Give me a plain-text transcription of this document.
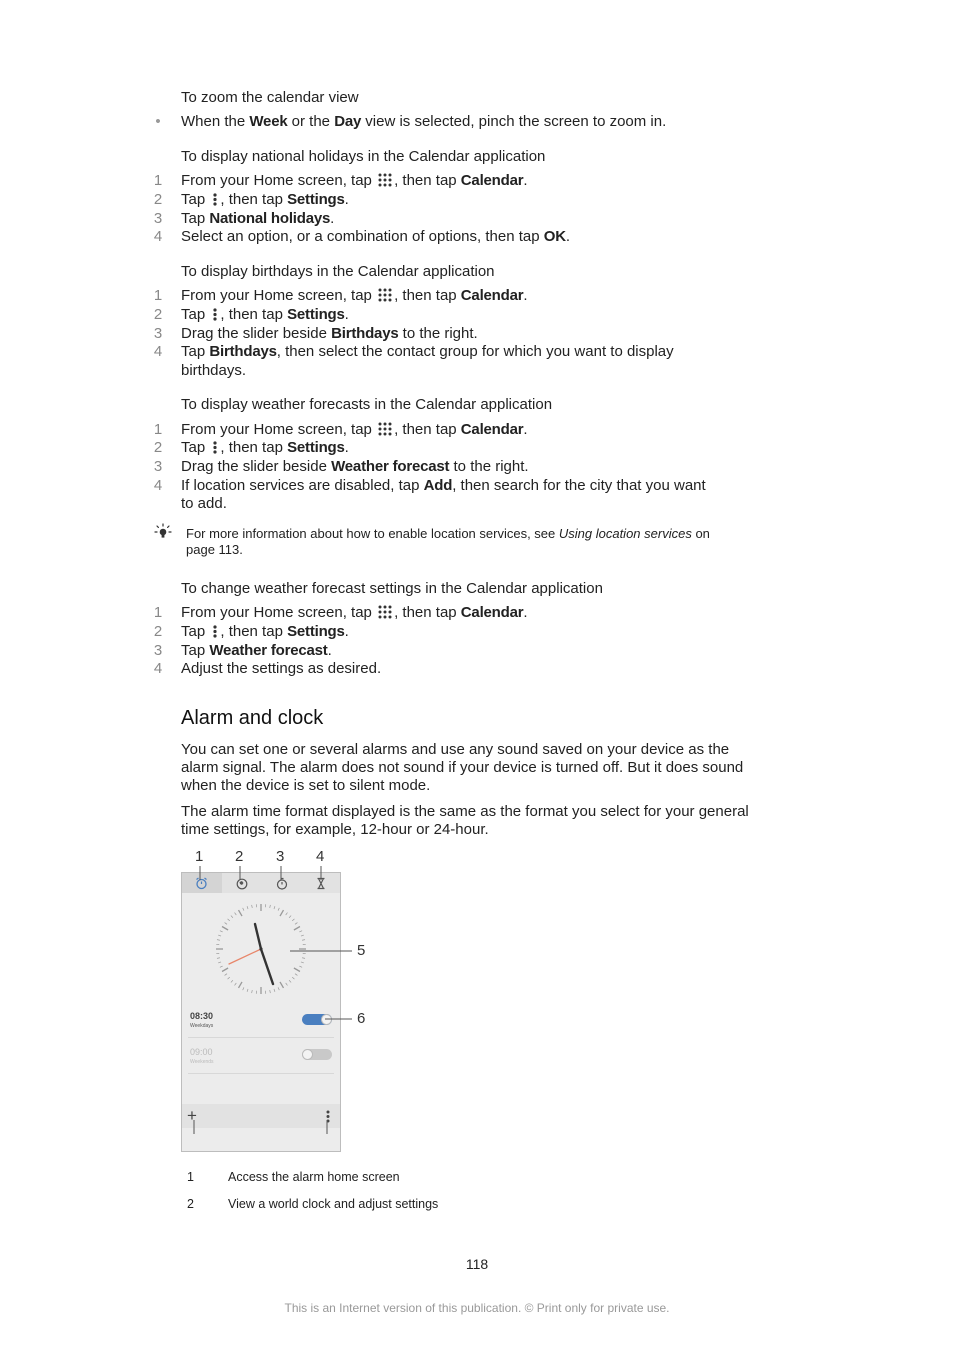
To zoom the calendar view
•	When the Week or the Day view is selected, pinch the screen to zoom in.
To display national holidays in the Calendar application
1 From your Home screen, tap , then tap Calendar.
2 Tap , then tap Settings.
3 Tap National holidays.
4 Select an option, or a combination of options, then tap OK.
To display birthdays in the Calendar application
1 From your Home screen, tap , then tap Calendar.
2 Tap , then tap Settings.
3 Drag the slider beside Birthdays to the right.
4 Tap Birthdays, then select the contact group for which you want to display
birthdays.
To display weather forecasts in the Calendar application
1 From your Home screen, tap , then tap Calendar.
2 Tap , then tap Settings.
3 Drag the slider beside Weather forecast to the right.
4 If location services are disabled, tap Add, then search for the city that you want
to add.
For more information about how to enable location services, see Using location services on
page 113.
To change weather forecast settings in the Calendar application
1 From your Home screen, tap , then tap Calendar.
2 Tap , then tap Settings.
3 Tap Weather forecast.
4 Adjust the settings as desired.
Alarm and clock
You can set one or several alarms and use any sound saved on your device as the
alarm signal. The alarm does not sound if your device is turned off. But it does sound
when the device is set to silent mode.
The alarm time format displayed is the same as the format you select for your general
time settings, for example, 12-hour or 24-hour.
1 2 3 4
5
6
08:30
Weekdays
09:00
Weekends
+
1	Access the alarm home screen
2	View a world clock and adjust settings
118
This is an Internet version of this publication. © Print only for private use.
